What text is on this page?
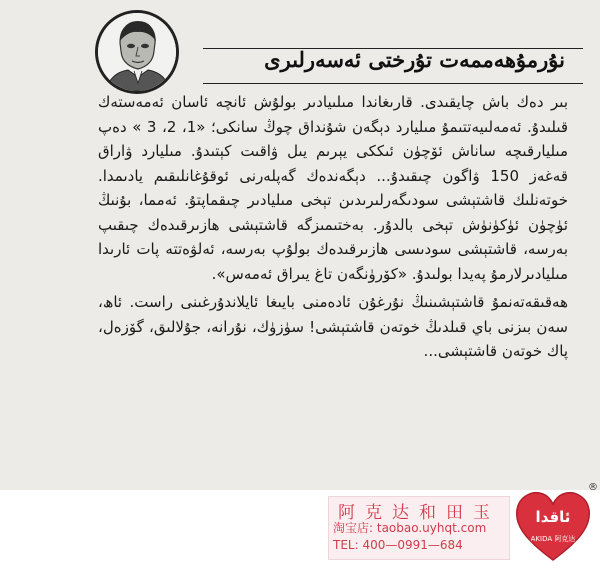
نۇرمۇھەممەت تۇرختى ئەسەرلىرى

بىر دەك باش چايقىدى. قارىغاندا مىلىيادىر بولۇش ئانچە ئاسان ئەمەستەك قىلىدۇ. ئەمەلىيەتتىمۇ مىليارد دېگەن شۇنداق چوڭ سانكى؛ «1، 2، 3 » دەپ مىليارقىچە ساناش ئۆچۈن ئىككى يېرىم يىل ۋاقىت كېتىدۇ. مىليارد ۋاراق قەغەز 150 ۋاگون چىقىدۇ... دېگەندەك گەپلەرنى ئوقۇغانلىقىم يادىمدا. خوتەنلىك قاشتېشى سودىگەرلىرىدىن تېخى مىليادىر چىقماپتۇ. ئەمما، بۇنىڭ ئۈچۈن ئۈكۈنۈش تېخى بالدۇر. بەختىمىزگە قاشتېشى ھازىرقىدەك چىقىپ بەرسە، قاشتېشى سودىسى ھازىرقىدەك بولۇپ بەرسە، ئەلۋەتتە پات ئارىدا مىليادىرلارمۇ پەيدا بولىدۇ. «كۆرۈنگەن تاغ يىراق ئەمەس».

ھەقىقەتەنمۇ قاشتېشىنىڭ نۇرغۇن ئادەمنى بايىغا ئايلاندۇرغىنى راست. ئاھ، سەن بىزنى باي قىلدىڭ خوتەن قاشتېشى! سۈزۈك، نۇرانە، جۇلالىق، گۆزەل، پاك خوتەن قاشتېشى...

阿克达和田玉
淘宝店: taobao.uyhqt.com
TEL: 400—0991—684
ئاقدا
AKIDA 阿克达
®
